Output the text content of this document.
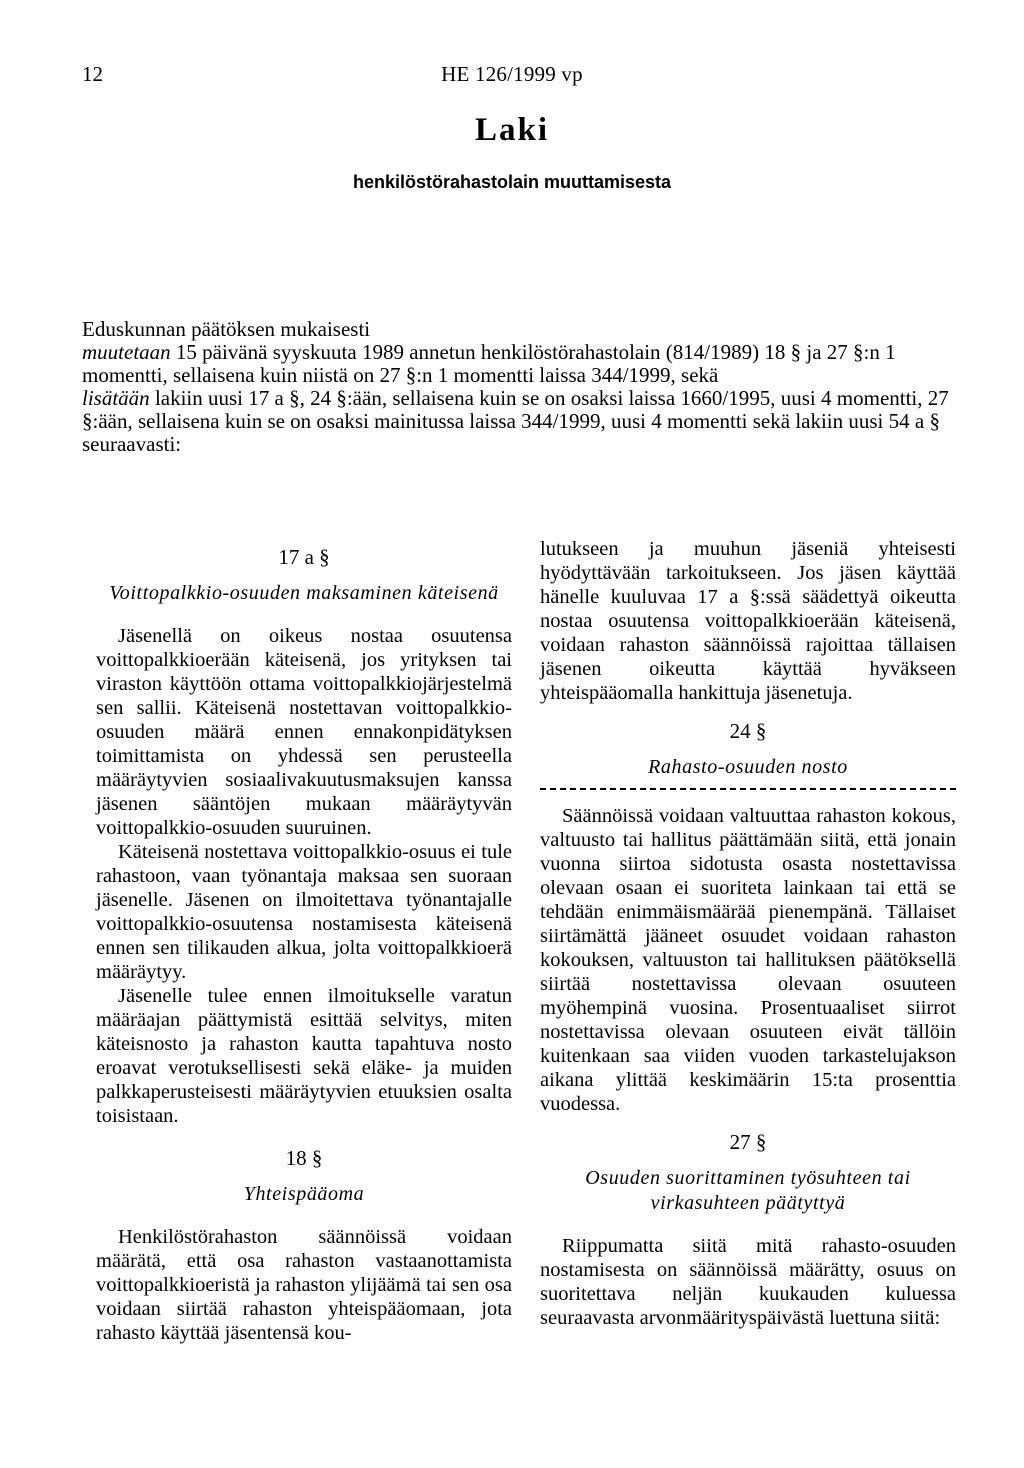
12	HE 126/1999 vp
Laki
henkilöstörahastolain muuttamisesta

Eduskunnan päätöksen mukaisesti

muutetaan 15 päivänä syyskuuta 1989 annetun henkilöstörahastolain (814/1989) 18 § ja 27 §:n 1 momentti, sellaisena kuin niistä on 27 §:n 1 momentti laissa 344/1999, sekä

lisätään lakiin uusi 17 a §, 24 §:ään, sellaisena kuin se on osaksi laissa 1660/1995, uusi 4 momentti, 27 §:ään, sellaisena kuin se on osaksi mainitussa laissa 344/1999, uusi 4 momentti sekä lakiin uusi 54 a § seuraavasti:

17 a §
Voittopalkkio-osuuden maksaminen käteisenä

Jäsenellä on oikeus nostaa osuutensa voittopalkkioerään käteisenä, jos yrityksen tai viraston käyttöön ottama voittopalkkiojärjestelmä sen sallii. Käteisenä nostettavan voittopalkkio-osuuden määrä ennen ennakonpidätyksen toimittamista on yhdessä sen perusteella määräytyvien sosiaalivakuutusmaksujen kanssa jäsenen sääntöjen mukaan määräytyvän voittopalkkio-osuuden suuruinen.

Käteisenä nostettava voittopalkkio-osuus ei tule rahastoon, vaan työnantaja maksaa sen suoraan jäsenelle. Jäsenen on ilmoitettava työnantajalle voittopalkkio-osuutensa nostamisesta käteisenä ennen sen tilikauden alkua, jolta voittopalkkioerä määräytyy.

Jäsenelle tulee ennen ilmoitukselle varatun määräajan päättymistä esittää selvitys, miten käteisnosto ja rahaston kautta tapahtuva nosto eroavat verotuksellisesti sekä eläke- ja muiden palkkaperusteisesti määräytyvien etuuksien osalta toisistaan.

18 §
Yhteispääoma

Henkilöstörahaston säännöissä voidaan määrätä, että osa rahaston vastaanottamista voittopalkkioeristä ja rahaston ylijäämä tai sen osa voidaan siirtää rahaston yhteispääomaan, jota rahasto käyttää jäsentensä kou-

lutukseen ja muuhun jäseniä yhteisesti hyödyttävään tarkoitukseen. Jos jäsen käyttää hänelle kuuluvaa 17 a §:ssä säädettyä oikeutta nostaa osuutensa voittopalkkioerään käteisenä, voidaan rahaston säännöissä rajoittaa tällaisen jäsenen oikeutta käyttää hyväkseen yhteispääomalla hankittuja jäsenetuja.

24 §
Rahasto-osuuden nosto

Säännöissä voidaan valtuuttaa rahaston kokous, valtuusto tai hallitus päättämään siitä, että jonain vuonna siirtoa sidotusta osasta nostettavissa olevaan osaan ei suoriteta lainkaan tai että se tehdään enimmäismäärää pienempänä. Tällaiset siirtämättä jääneet osuudet voidaan rahaston kokouksen, valtuuston tai hallituksen päätöksellä siirtää nostettavissa olevaan osuuteen myöhempinä vuosina. Prosentuaaliset siirrot nostettavissa olevaan osuuteen eivät tällöin kuitenkaan saa viiden vuoden tarkastelujakson aikana ylittää keskimäärin 15:ta prosenttia vuodessa.

27 §
Osuuden suorittaminen työsuhteen tai virkasuhteen päätyttyä

Riippumatta siitä mitä rahasto-osuuden nostamisesta on säännöissä määrätty, osuus on suoritettava neljän kuukauden kuluessa seuraavasta arvonmäärityspäivästä luettuna siitä:
